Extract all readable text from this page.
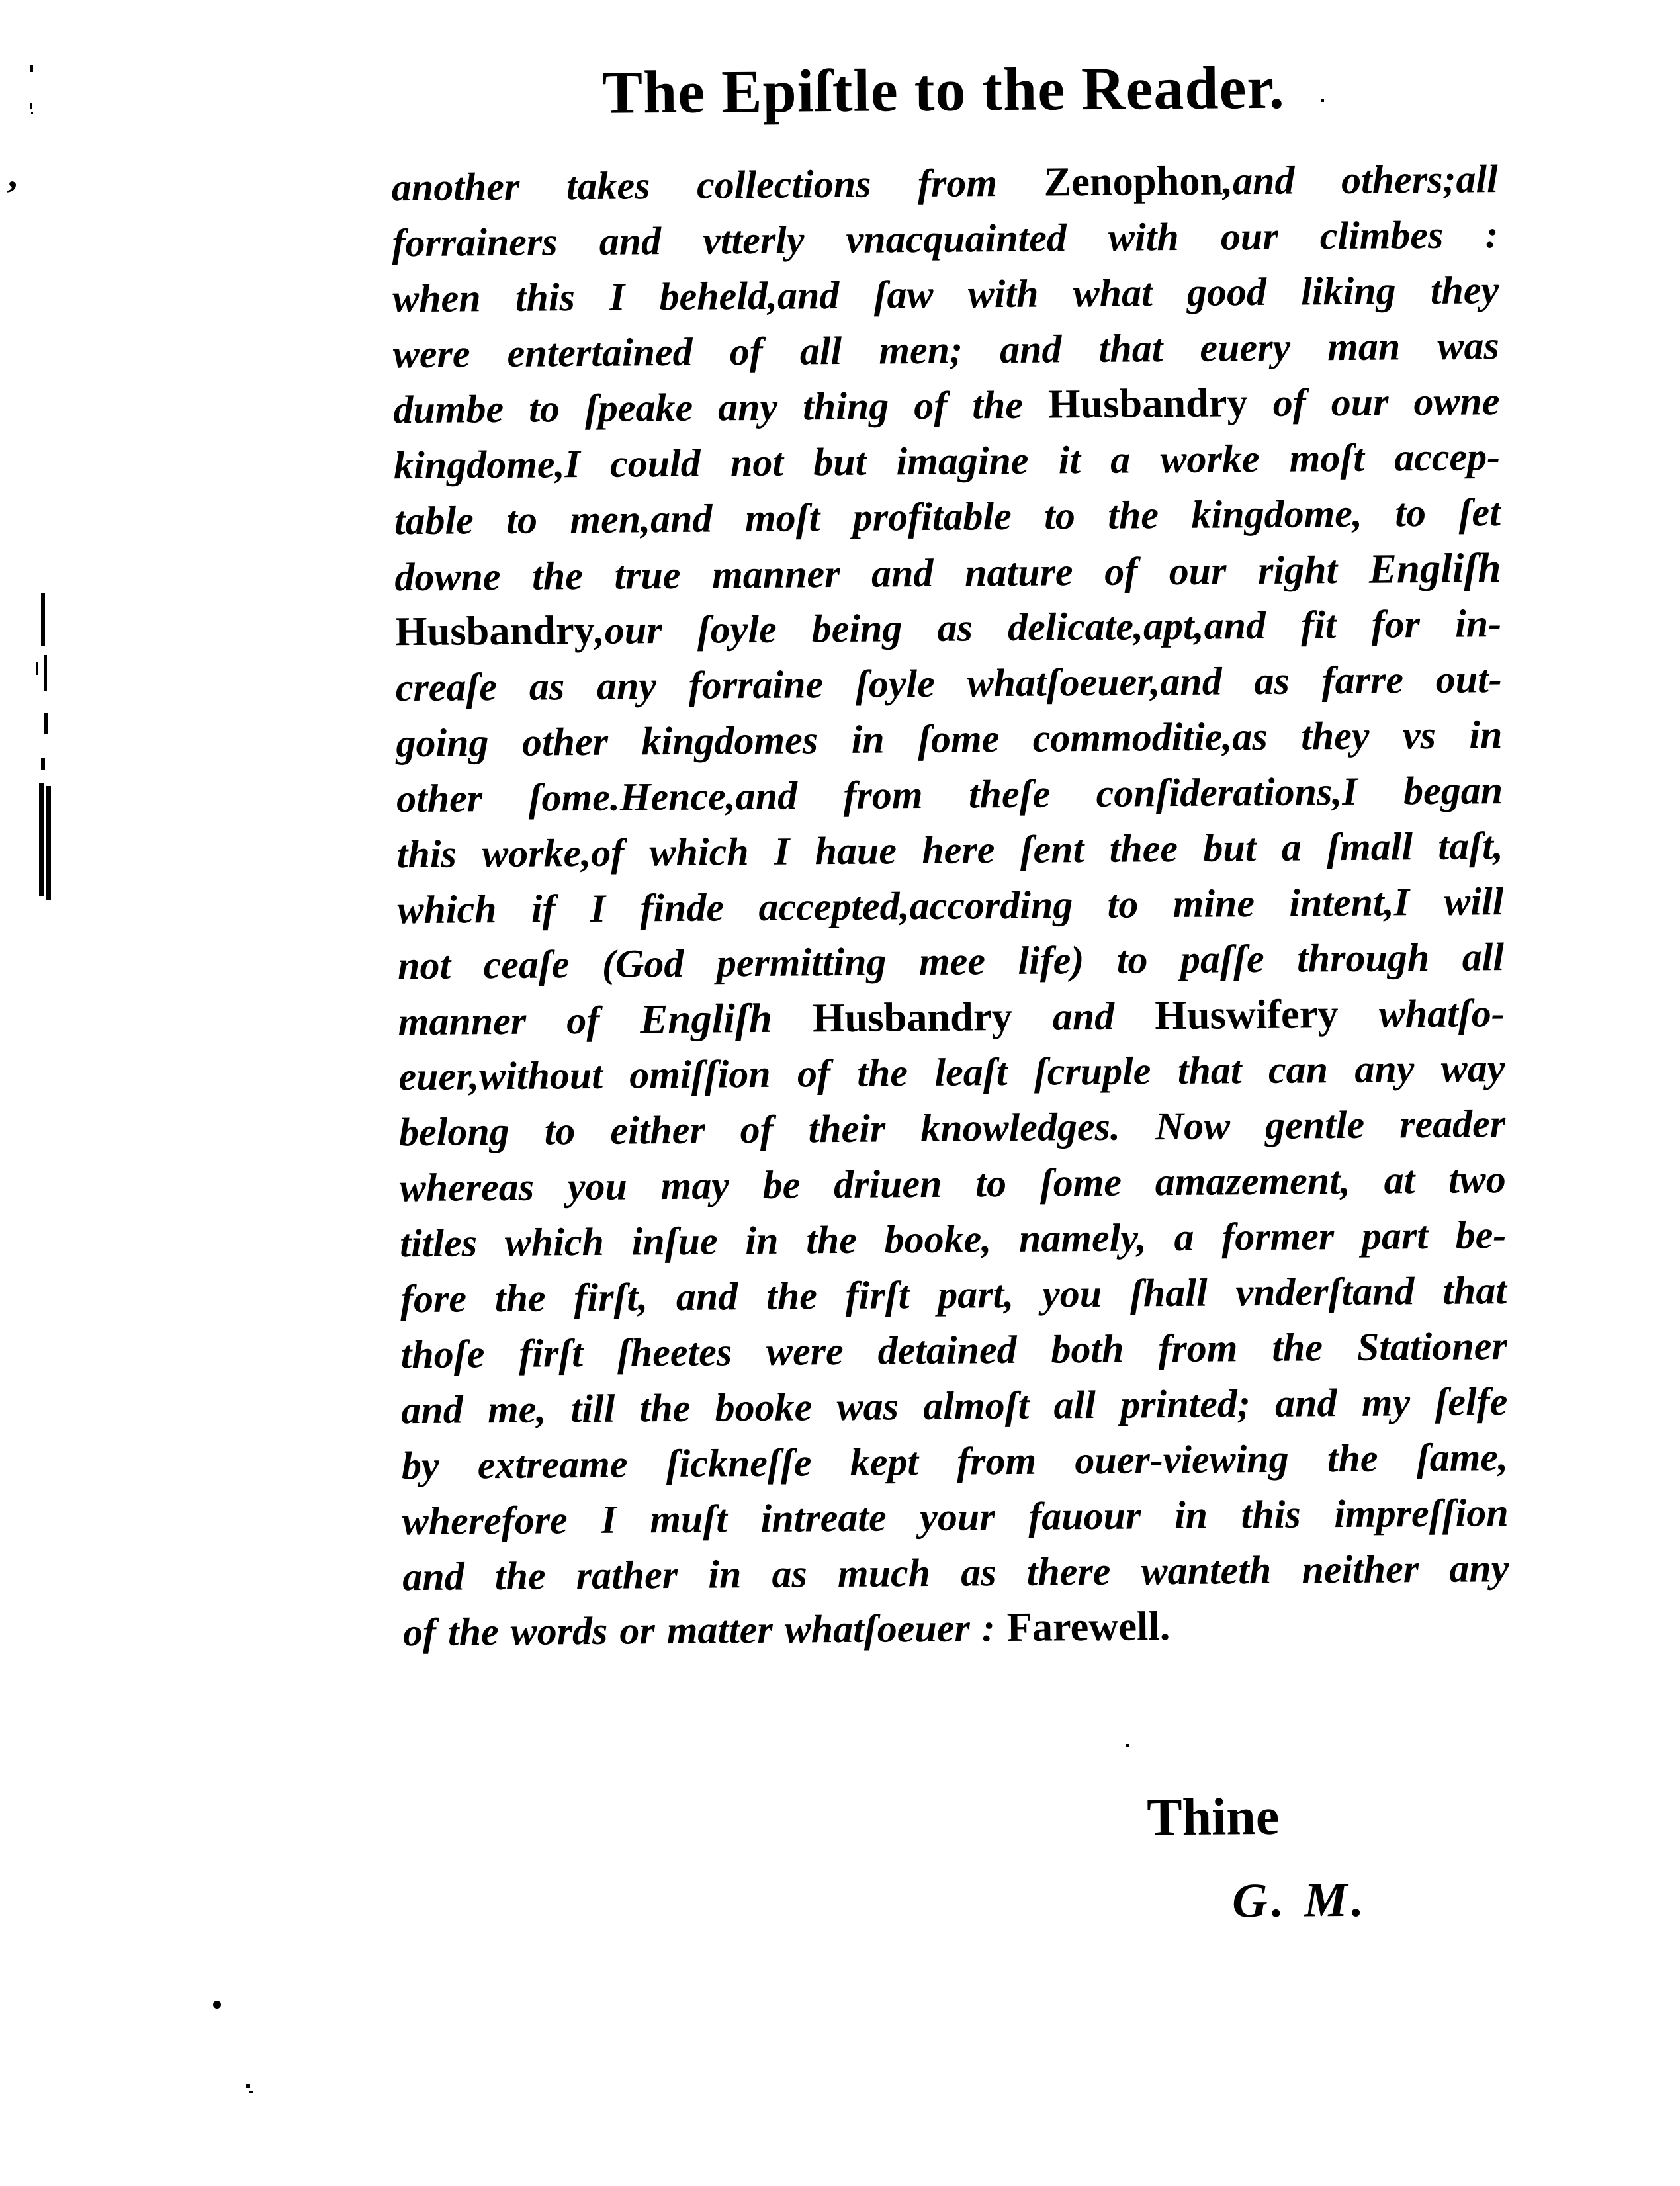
,
The Epiſtle to the Reader.
another takes collections from Zenophon,and others;all
forrainers and vtterly vnacquainted with our climbes :
when this I beheld,and ſaw with what good liking they
were entertained of all men; and that euery man was
dumbe to ſpeake any thing of the Husbandry of our owne
kingdome,I could not but imagine it a worke moſt accep-
table to men,and moſt profitable to the kingdome, to ſet
downe the true manner and nature of our right Engliſh
Husbandry,our ſoyle being as delicate,apt,and fit for in-
creaſe as any forraine ſoyle whatſoeuer,and as farre out-
going other kingdomes in ſome commoditie,as they vs in
other ſome.Hence,and from theſe conſiderations,I began
this worke,of which I haue here ſent thee but a ſmall taſt,
which if I finde accepted,according to mine intent,I will
not ceaſe (God permitting mee life) to paſſe through all
manner of Engliſh Husbandry and Huswifery whatſo-
euer,without omiſſion of the leaſt ſcruple that can any way
belong to either of their knowledges. Now gentle reader
whereas you may be driuen to ſome amazement, at two
titles which inſue in the booke, namely, a former part be-
fore the firſt, and the firſt part, you ſhall vnderſtand that
thoſe firſt ſheetes were detained both from the Stationer
and me, till the booke was almoſt all printed; and my ſelfe
by extreame ſickneſſe kept from ouer-viewing the ſame,
wherefore I muſt intreate your fauour in this impreſſion
and the rather in as much as there wanteth neither any
of the words or matter whatſoeuer : Farewell.
Thine
G. M.
